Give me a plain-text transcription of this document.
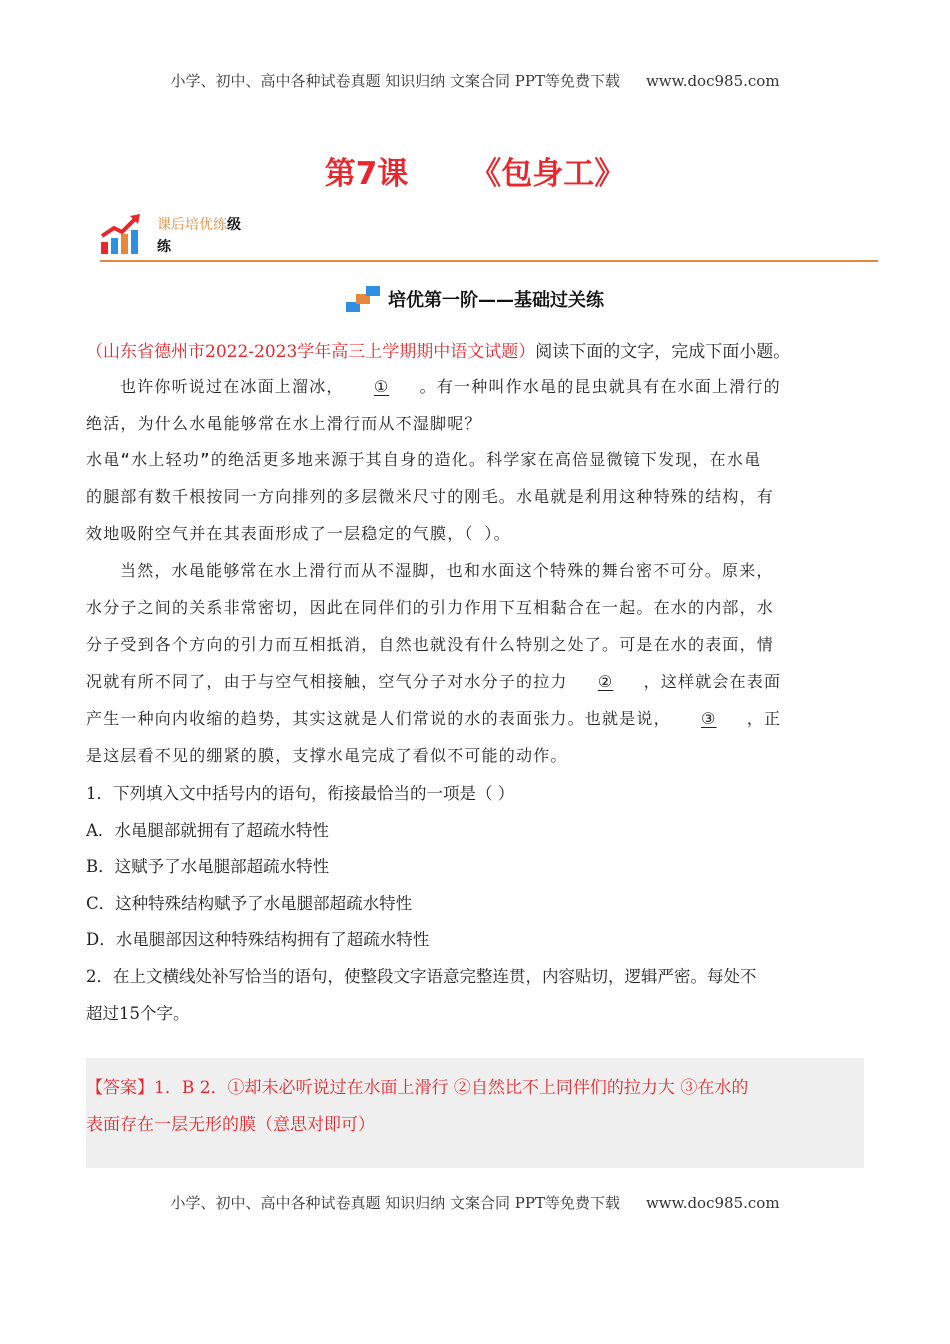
小学、初中、高中各种试卷真题 知识归纳 文案合同 PPT等免费下载 www.doc985.com
第7课 《包身工》
课后培优练级
练
培优第一阶——基础过关练
（山东省德州市2022-2023学年高三上学期期中语文试题）阅读下面的文字，完成下面小题。
也许你听说过在冰面上溜冰， ① 。有一种叫作水黾的昆虫就具有在水面上滑行的
绝活，为什么水黾能够常在水上滑行而从不湿脚呢？
水黾“水上轻功”的绝活更多地来源于其自身的造化。科学家在高倍显微镜下发现，在水黾
的腿部有数千根按同一方向排列的多层微米尺寸的刚毛。水黾就是利用这种特殊的结构，有
效地吸附空气并在其表面形成了一层稳定的气膜，（ ）。
当然，水黾能够常在水上滑行而从不湿脚，也和水面这个特殊的舞台密不可分。原来，
水分子之间的关系非常密切，因此在同伴们的引力作用下互相黏合在一起。在水的内部，水
分子受到各个方向的引力而互相抵消，自然也就没有什么特别之处了。可是在水的表面，情
况就有所不同了，由于与空气相接触，空气分子对水分子的拉力 ② ，这样就会在表面
产生一种向内收缩的趋势，其实这就是人们常说的水的表面张力。也就是说， ③ ，正
是这层看不见的绷紧的膜，支撑水黾完成了看似不可能的动作。
1．下列填入文中括号内的语句，衔接最恰当的一项是（ ）
A．水黾腿部就拥有了超疏水特性
B．这赋予了水黾腿部超疏水特性
C．这种特殊结构赋予了水黾腿部超疏水特性
D．水黾腿部因这种特殊结构拥有了超疏水特性
2．在上文横线处补写恰当的语句，使整段文字语意完整连贯，内容贴切，逻辑严密。每处不
超过15个字。
【答案】1．B 2．①却未必听说过在水面上滑行 ②自然比不上同伴们的拉力大 ③在水的
表面存在一层无形的膜（意思对即可）
小学、初中、高中各种试卷真题 知识归纳 文案合同 PPT等免费下载 www.doc985.com
